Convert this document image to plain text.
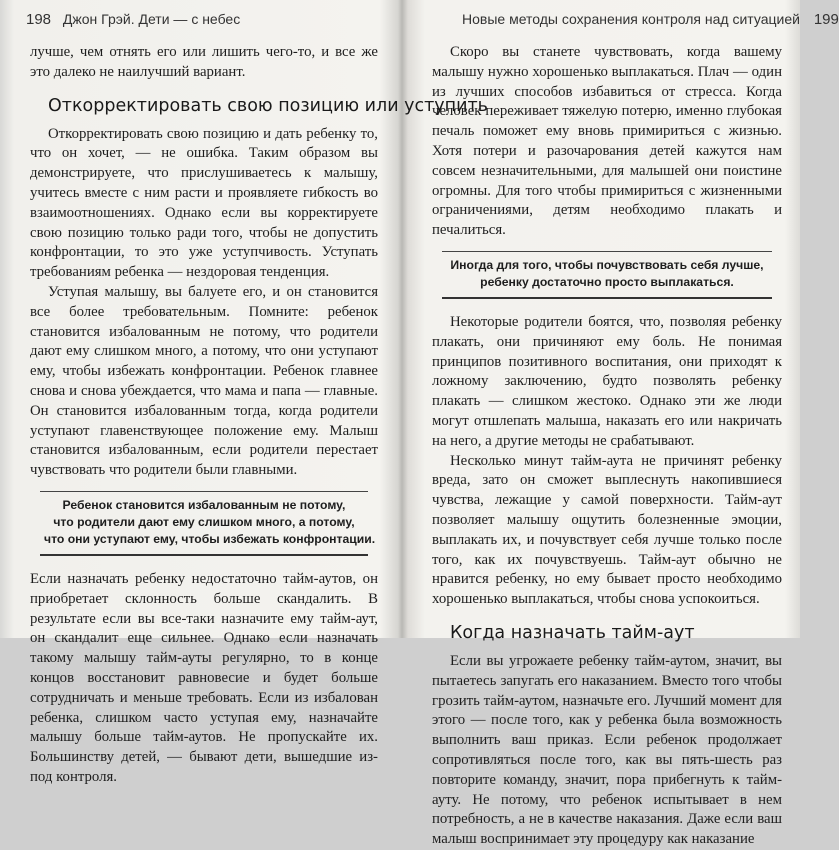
198 Джон Грэй. Дети — с небес

лучше, чем отнять его или лишить чего-то, и все же это далеко не наилучший вариант.

Откорректировать свою позицию или уступить

Откорректировать свою позицию и дать ребенку то, что он хочет, — не ошибка. Таким образом вы демонстрируете, что прислушиваетесь к малышу, учитесь вместе с ним расти и проявляете гибкость во взаимоотношениях. Однако если вы корректируете свою позицию только ради того, чтобы не допустить конфронтации, то это уже уступчивость. Уступать требованиям ребенка — нездоровая тенденция.

Уступая малышу, вы балуете его, и он становится все более требовательным. Помните: ребенок становится избалованным не потому, что родители дают ему слишком много, а потому, что они уступают ему, чтобы избежать конфронтации. Ребенок главнее снова и снова убеждается, что мама и папа — главные. Он становится избалованным тогда, когда родители уступают главенствующее положение ему. Малыш становится избалованным, если родители перестает чувствовать что родители были главными.

Ребенок становится избалованным не потому,
что родители дают ему слишком много, а потому,
что они уступают ему, чтобы избежать конфронтации.

Если назначать ребенку недостаточно тайм-аутов, он приобретает склонность больше скандалить. В результате если вы все-таки назначите ему тайм-аут, он скандалит еще сильнее. Однако если назначать такому малышу тайм-ауты регулярно, то в конце концов восстановит равновесие и будет больше сотрудничать и меньше требовать. Если из избалован ребенка, слишком часто уступая ему, назначайте малышу больше тайм-аутов. Не пропускайте их. Большинству детей, — бывают дети, вышедшие из-под контроля.

Новые методы сохранения контроля над ситуацией 199

Скоро вы станете чувствовать, когда вашему малышу нужно хорошенько выплакаться. Плач — один из лучших способов избавиться от стресса. Когда человек переживает тяжелую потерю, именно глубокая печаль поможет ему вновь примириться с жизнью. Хотя потери и разочарования детей кажутся нам совсем незначительными, для малышей они поистине огромны. Для того чтобы примириться с жизненными ограничениями, детям необходимо плакать и печалиться.

Иногда для того, чтобы почувствовать себя лучше,
ребенку достаточно просто выплакаться.

Некоторые родители боятся, что, позволяя ребенку плакать, они причиняют ему боль. Не понимая принципов позитивного воспитания, они приходят к ложному заключению, будто позволять ребенку плакать — слишком жестоко. Однако эти же люди могут отшлепать малыша, наказать его или накричать на него, а другие методы не срабатывают.

Несколько минут тайм-аута не причинят ребенку вреда, зато он сможет выплеснуть накопившиеся чувства, лежащие у самой поверхности. Тайм-аут позволяет малышу ощутить болезненные эмоции, выплакать их, и почувствует себя лучше только после того, как их почувствуешь. Тайм-аут обычно не нравится ребенку, но ему бывает просто необходимо хорошенько выплакаться, чтобы снова успокоиться.

Когда назначать тайм-аут

Если вы угрожаете ребенку тайм-аутом, значит, вы пытаетесь запугать его наказанием. Вместо того чтобы грозить тайм-аутом, назначьте его. Лучший момент для этого — после того, как у ребенка была возможность выполнить ваш приказ. Если ребенок продолжает сопротивляться после того, как вы пять-шесть раз повторите команду, значит, пора прибегнуть к тайм-ауту. Не потому, что ребенок испытывает в нем потребность, а не в качестве наказания. Даже если ваш малыш воспринимает эту процедуру как наказание
